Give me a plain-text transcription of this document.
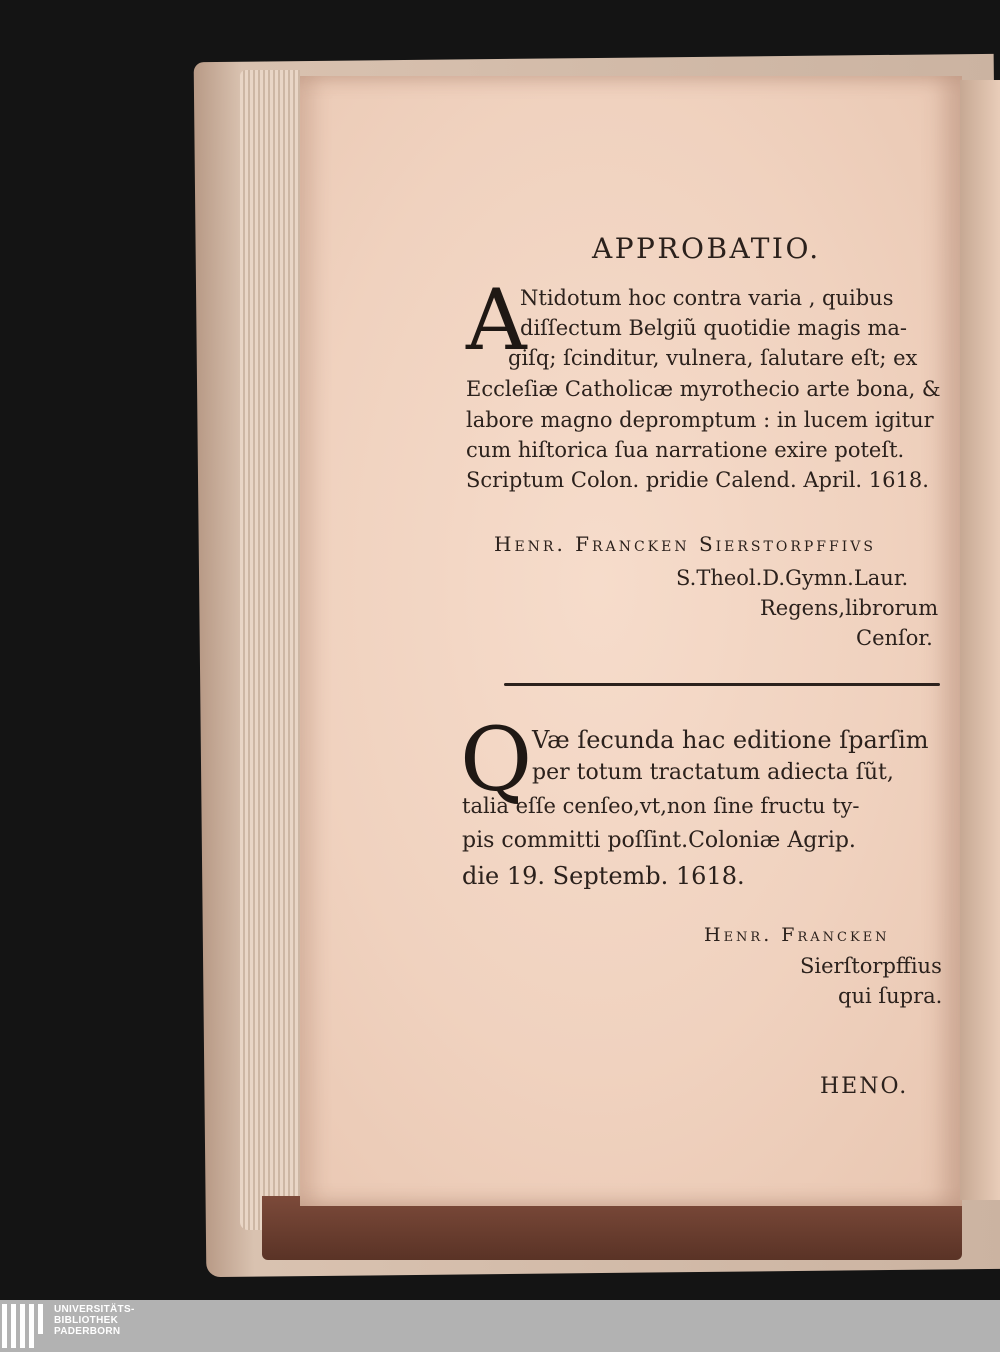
APPROBATIO.
A
Ntidotum hoc contra varia , quibus
diſſectum Belgiũ quotidie magis ma-
giſq; ſcinditur, vulnera, ſalutare eſt; ex
Eccleſiæ Catholicæ myrothecio arte bona, &
labore magno depromptum : in lucem igitur
cum hiſtorica ſua narratione exire poteſt.
Scriptum Colon. pridie Calend. April. 1618.
Henr. Francken Sierstorpffivs
S.Theol.D.Gymn.Laur.
Regens,librorum
Cenſor.
Q Væ ſecunda hac editione ſparſim
per totum tractatum adiecta ſũt,
talia eſſe cenſeo,vt,non ſine fructu ty-
pis committi poſſint.Coloniæ Agrip.
die 19. Septemb. 1618.
Henr. Francken
Sierſtorpffius
qui ſupra.
HENO.
UNIVERSITÄTS-
BIBLIOTHEK
PADERBORN
